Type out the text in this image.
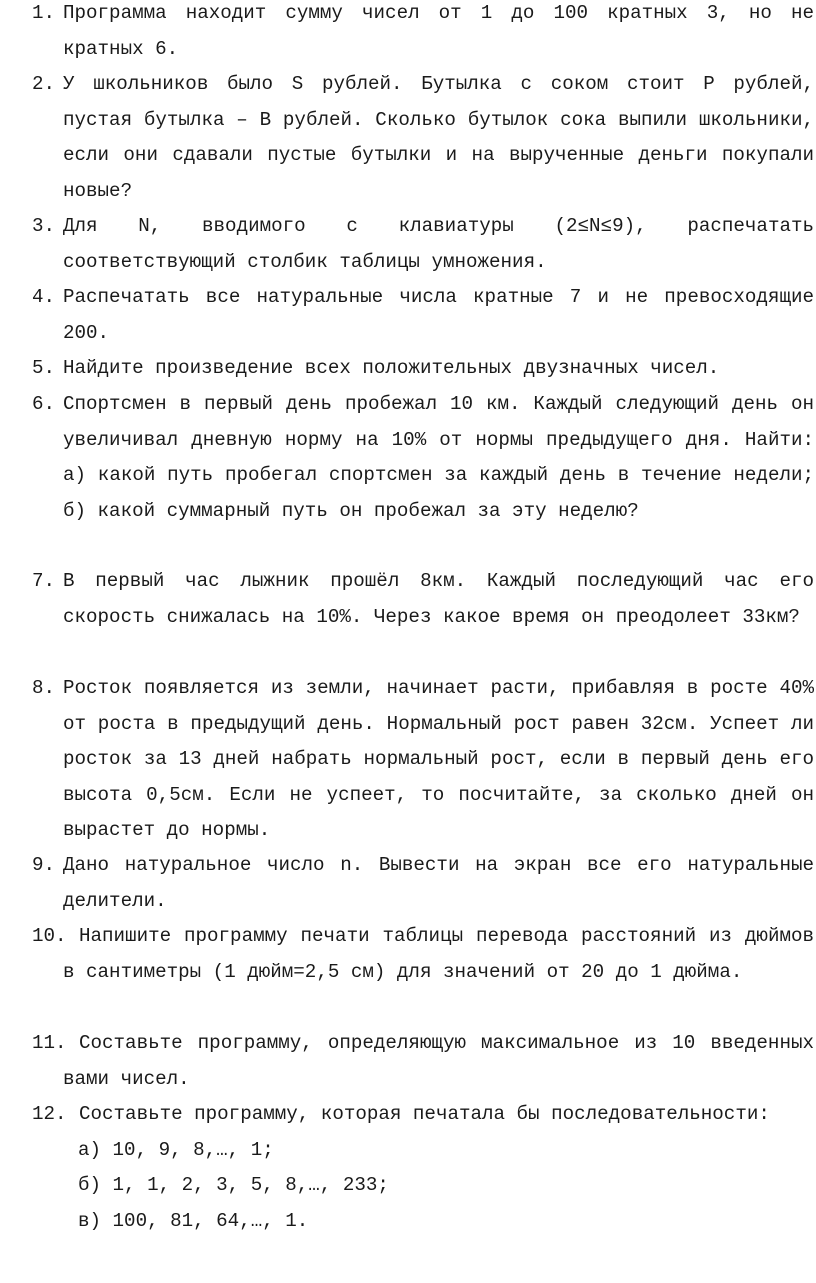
1. Программа находит сумму чисел от 1 до 100 кратных 3, но не кратных 6.
2. У школьников было S рублей. Бутылка с соком стоит P рублей, пустая бутылка – B рублей. Сколько бутылок сока выпили школьники, если они сдавали пустые бутылки и на вырученные деньги покупали новые?
3. Для N, вводимого с клавиатуры (2≤N≤9), распечатать соответствующий столбик таблицы умножения.
4. Распечатать все натуральные числа кратные 7 и не превосходящие 200.
5. Найдите произведение всех положительных двузначных чисел.
6. Спортсмен в первый день пробежал 10 км. Каждый следующий день он увеличивал дневную норму на 10% от нормы предыдущего дня. Найти: а) какой путь пробегал спортсмен за каждый день в течение недели; б) какой суммарный путь он пробежал за эту неделю?
7. В первый час лыжник прошёл 8км. Каждый последующий час его скорость снижалась на 10%. Через какое время он преодолеет 33км?
8. Росток появляется из земли, начинает расти, прибавляя в росте 40% от роста в предыдущий день. Нормальный рост равен 32см. Успеет ли росток за 13 дней набрать нормальный рост, если в первый день его высота 0,5см. Если не успеет, то посчитайте, за сколько дней он вырастет до нормы.
9. Дано натуральное число n. Вывести на экран все его натуральные делители.
10. Напишите программу печати таблицы перевода расстояний из дюймов в сантиметры (1 дюйм=2,5 см) для значений от 20 до 1 дюйма.
11. Составьте программу, определяющую максимальное из 10 введенных вами чисел.
12. Составьте программу, которая печатала бы последовательности:
а) 10, 9, 8,…, 1;
б) 1, 1, 2, 3, 5, 8,…, 233;
в) 100, 81, 64,…, 1.
